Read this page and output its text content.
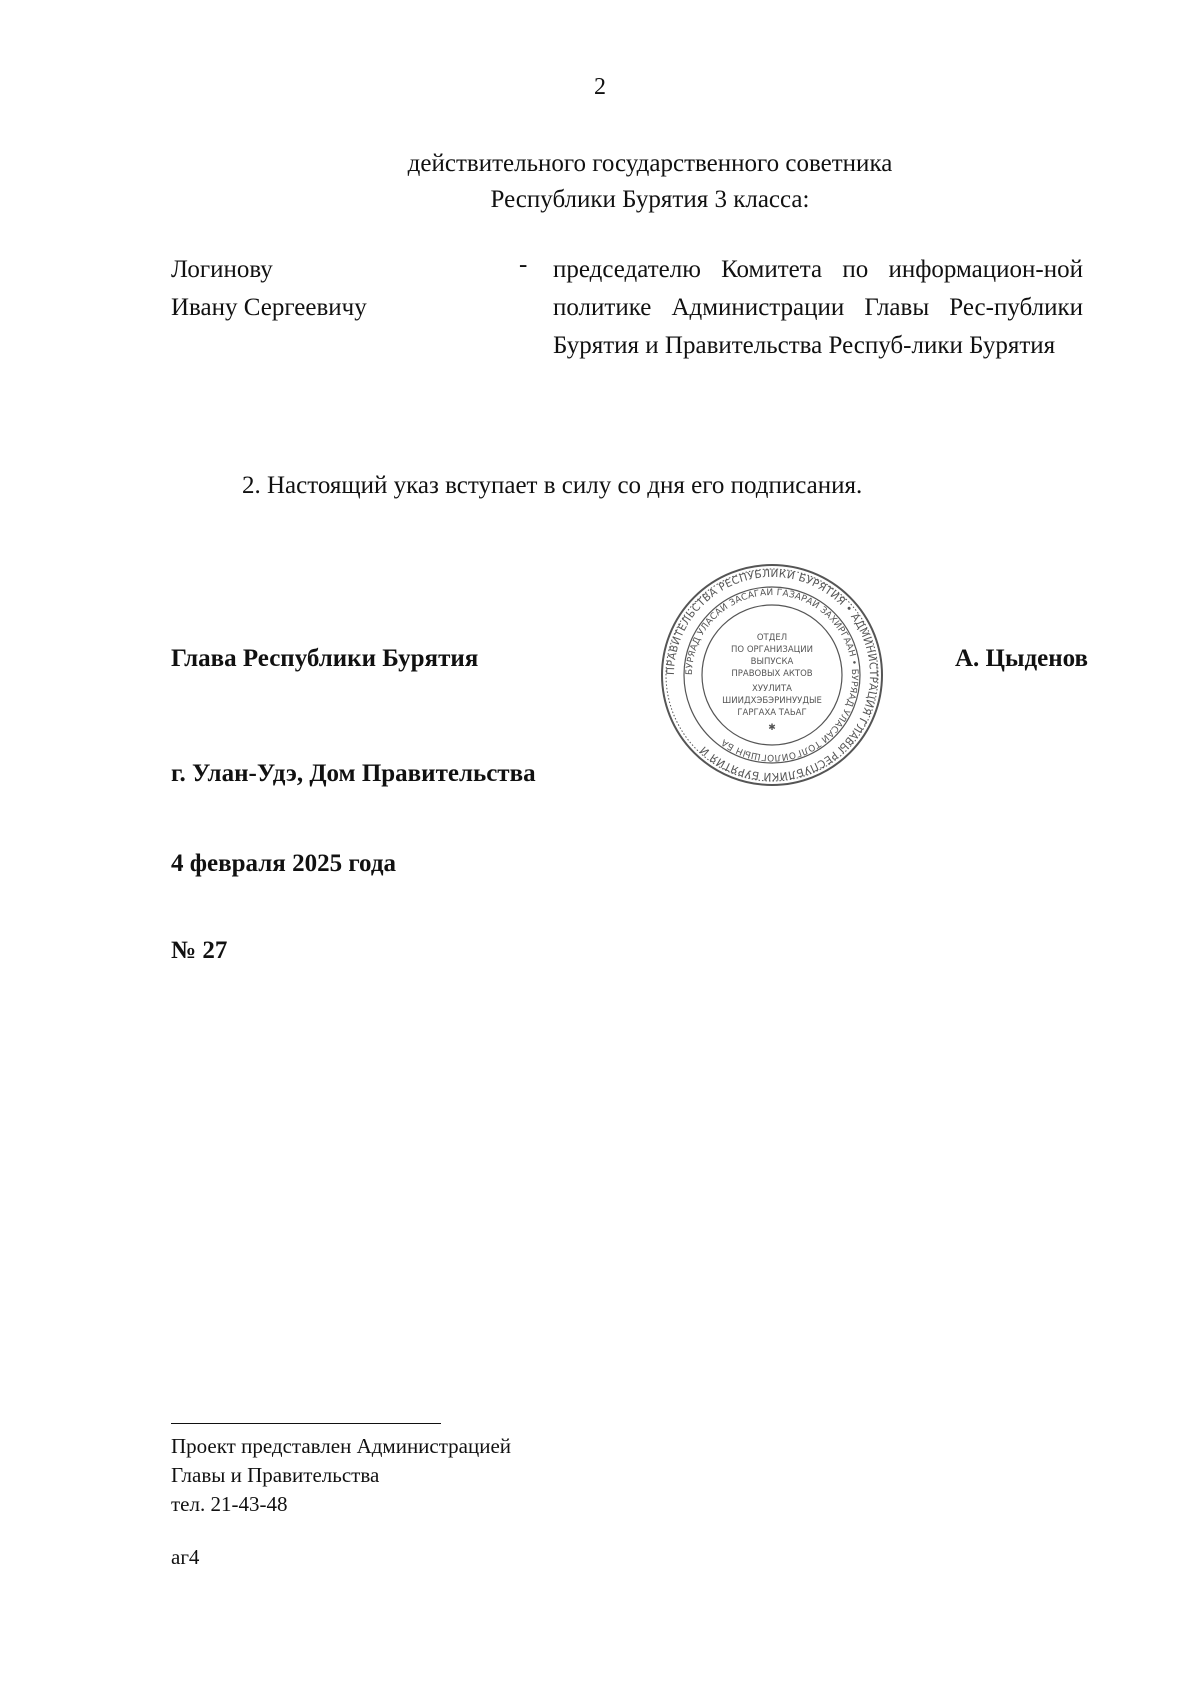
2
действительного государственного советника
Республики Бурятия 3 класса:
Логинову
Ивану Сергеевичу
- председателю Комитета по информацион-ной политике Администрации Главы Рес-публики Бурятия и Правительства Респуб-лики Бурятия
2. Настоящий указ вступает в силу со дня его подписания.
Глава Республики Бурятия	А. Цыденов
ПРАВИТЕЛЬСТВА РЕСПУБЛИКИ БУРЯТИЯ • АДМИНИСТРАЦИЯ ГЛАВЫ РЕСПУБЛИКИ БУРЯТИЯ И
БУРЯАД УЛАСАЙ ЗАСАГАЙ ГАЗАРАЙ ЗАХИРГААН • БУРЯАД УЛАСАЙ ТОЛГОЙЛОГШЫН БА
ОТДЕЛ
ПО ОРГАНИЗАЦИИ
ВЫПУСКА
ПРАВОВЫХ АКТОВ
ХУУЛИТА
ШИИДХЭБЭРИНУУДЫЕ
ГАРГАХА ТАЬАГ
✱
г. Улан-Удэ, Дом Правительства
4 февраля 2025 года
№ 27
Проект представлен Администрацией
Главы и Правительства
тел. 21-43-48
аг4
